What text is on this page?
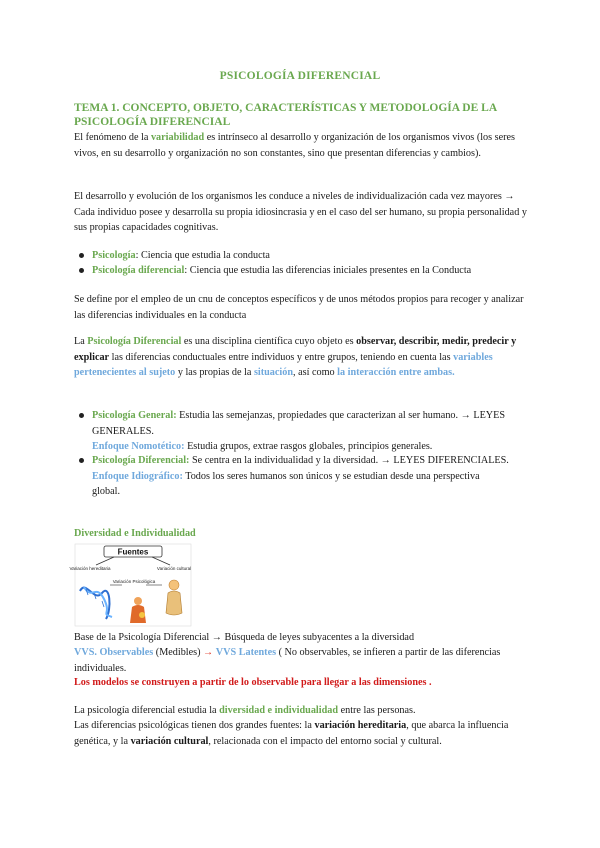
PSICOLOGÍA DIFERENCIAL
TEMA 1. CONCEPTO, OBJETO, CARACTERÍSTICAS Y METODOLOGÍA DE LA
PSICOLOGÍA DIFERENCIAL
El fenómeno de la variabilidad es intrínseco al desarrollo y organización de los organismos vivos (los seres vivos, en su desarrollo y organización no son constantes, sino que presentan diferencias y cambios).
El desarrollo y evolución de los organismos les conduce a niveles de individualización cada vez mayores → Cada individuo posee y desarrolla su propia idiosincrasia y en el caso del ser humano, su propia personalidad y sus propias capacidades cognitivas.
Psicología: Ciencia que estudia la conducta
Psicología diferencial: Ciencia que estudia las diferencias iniciales presentes en la Conducta
Se define por el empleo de un cnu de conceptos específicos y de unos métodos propios para recoger y analizar las diferencias individuales en la conducta
La Psicología Diferencial es una disciplina científica cuyo objeto es observar, describir, medir, predecir y explicar las diferencias conductuales entre individuos y entre grupos, teniendo en cuenta las variables pertenecientes al sujeto y las propias de la situación, así como la interacción entre ambas.
Psicología General: Estudia las semejanzas, propiedades que caracterizan al ser humano. → LEYES GENERALES.
Enfoque Nomotético: Estudia grupos, extrae rasgos globales, principios generales.
Psicología Diferencial: Se centra en la individualidad y la diversidad. → LEYES DIFERENCIALES.
Enfoque Idiográfico: Todos los seres humanos son únicos y se estudian desde una perspectiva global.
Diversidad e Individualidad
Fuentes
Variación hereditaria	Variación cultural
Variación Psicológica
Base de la Psicología Diferencial → Búsqueda de leyes subyacentes a la diversidad
VVS. Observables (Medibles) → VVS Latentes ( No observables, se infieren a partir de las diferencias individuales.
Los modelos se construyen a partir de lo observable para llegar a las dimensiones .
La psicología diferencial estudia la diversidad e individualidad entre las personas.
Las diferencias psicológicas tienen dos grandes fuentes: la variación hereditaria, que abarca la influencia genética, y la variación cultural, relacionada con el impacto del entorno social y cultural.
